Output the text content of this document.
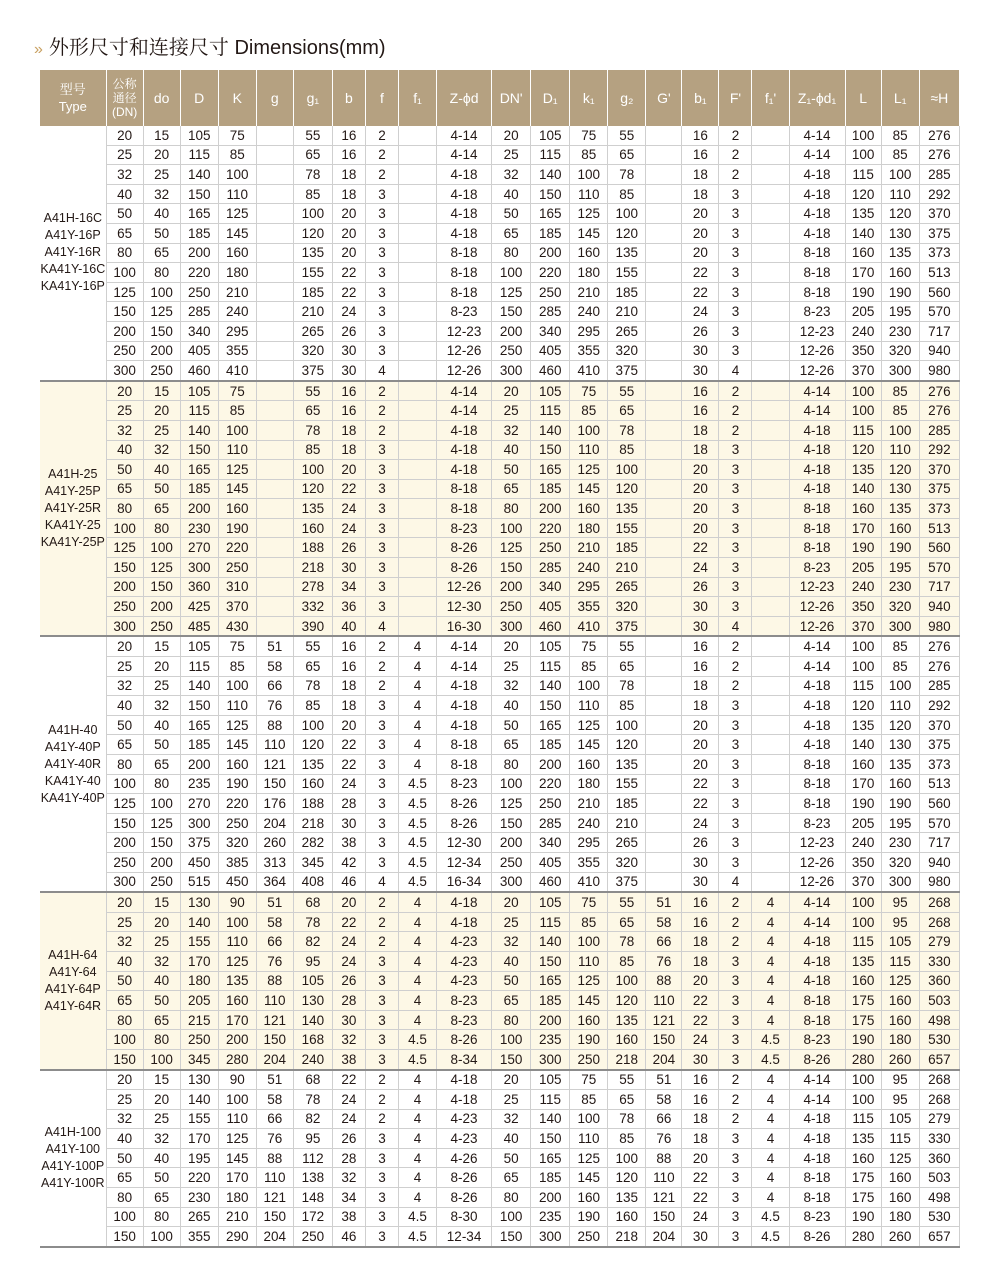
» 外形尺寸和连接尺寸 Dimensions(mm)
型号
Type	公称
通径
(DN)	do	D	K	g	g₁	b	f	f₁	Z-ϕd	DN'	D₁	k₁	g₂	G'	b₁	F'	f₁'	Z₁-ϕd₁	L	L₁	≈H

A41H-16C
A41Y-16P
A41Y-16R
KA41Y-16C
KA41Y-16P	20	15	105	75		55	16	2		4-14	20	105	75	55		16	2		4-14	100	85	276
	25	20	115	85		65	16	2		4-14	25	115	85	65		16	2		4-14	100	85	276
	32	25	140	100		78	18	2		4-18	32	140	100	78		18	2		4-18	115	100	285
	40	32	150	110		85	18	3		4-18	40	150	110	85		18	3		4-18	120	110	292
	50	40	165	125		100	20	3		4-18	50	165	125	100		20	3		4-18	135	120	370
	65	50	185	145		120	20	3		4-18	65	185	145	120		20	3		4-18	140	130	375
	80	65	200	160		135	20	3		8-18	80	200	160	135		20	3		8-18	160	135	373
	100	80	220	180		155	22	3		8-18	100	220	180	155		22	3		8-18	170	160	513
	125	100	250	210		185	22	3		8-18	125	250	210	185		22	3		8-18	190	190	560
	150	125	285	240		210	24	3		8-23	150	285	240	210		24	3		8-23	205	195	570
	200	150	340	295		265	26	3		12-23	200	340	295	265		26	3		12-23	240	230	717
	250	200	405	355		320	30	3		12-26	250	405	355	320		30	3		12-26	350	320	940
	300	250	460	410		375	30	4		12-26	300	460	410	375		30	4		12-26	370	300	980

A41H-25
A41Y-25P
A41Y-25R
KA41Y-25
KA41Y-25P	20	15	105	75		55	16	2		4-14	20	105	75	55		16	2		4-14	100	85	276
	25	20	115	85		65	16	2		4-14	25	115	85	65		16	2		4-14	100	85	276
	32	25	140	100		78	18	2		4-18	32	140	100	78		18	2		4-18	115	100	285
	40	32	150	110		85	18	3		4-18	40	150	110	85		18	3		4-18	120	110	292
	50	40	165	125		100	20	3		4-18	50	165	125	100		20	3		4-18	135	120	370
	65	50	185	145		120	22	3		8-18	65	185	145	120		20	3		4-18	140	130	375
	80	65	200	160		135	24	3		8-18	80	200	160	135		20	3		8-18	160	135	373
	100	80	230	190		160	24	3		8-23	100	220	180	155		20	3		8-18	170	160	513
	125	100	270	220		188	26	3		8-26	125	250	210	185		22	3		8-18	190	190	560
	150	125	300	250		218	30	3		8-26	150	285	240	210		24	3		8-23	205	195	570
	200	150	360	310		278	34	3		12-26	200	340	295	265		26	3		12-23	240	230	717
	250	200	425	370		332	36	3		12-30	250	405	355	320		30	3		12-26	350	320	940
	300	250	485	430		390	40	4		16-30	300	460	410	375		30	4		12-26	370	300	980

A41H-40
A41Y-40P
A41Y-40R
KA41Y-40
KA41Y-40P	20	15	105	75	51	55	16	2	4	4-14	20	105	75	55		16	2		4-14	100	85	276
	25	20	115	85	58	65	16	2	4	4-14	25	115	85	65		16	2		4-14	100	85	276
	32	25	140	100	66	78	18	2	4	4-18	32	140	100	78		18	2		4-18	115	100	285
	40	32	150	110	76	85	18	3	4	4-18	40	150	110	85		18	3		4-18	120	110	292
	50	40	165	125	88	100	20	3	4	4-18	50	165	125	100		20	3		4-18	135	120	370
	65	50	185	145	110	120	22	3	4	8-18	65	185	145	120		20	3		4-18	140	130	375
	80	65	200	160	121	135	22	3	4	8-18	80	200	160	135		20	3		8-18	160	135	373
	100	80	235	190	150	160	24	3	4.5	8-23	100	220	180	155		22	3		8-18	170	160	513
	125	100	270	220	176	188	28	3	4.5	8-26	125	250	210	185		22	3		8-18	190	190	560
	150	125	300	250	204	218	30	3	4.5	8-26	150	285	240	210		24	3		8-23	205	195	570
	200	150	375	320	260	282	38	3	4.5	12-30	200	340	295	265		26	3		12-23	240	230	717
	250	200	450	385	313	345	42	3	4.5	12-34	250	405	355	320		30	3		12-26	350	320	940
	300	250	515	450	364	408	46	4	4.5	16-34	300	460	410	375		30	4		12-26	370	300	980

A41H-64
A41Y-64
A41Y-64P
A41Y-64R	20	15	130	90	51	68	20	2	4	4-18	20	105	75	55	51	16	2	4	4-14	100	95	268
	25	20	140	100	58	78	22	2	4	4-18	25	115	85	65	58	16	2	4	4-14	100	95	268
	32	25	155	110	66	82	24	2	4	4-23	32	140	100	78	66	18	2	4	4-18	115	105	279
	40	32	170	125	76	95	24	3	4	4-23	40	150	110	85	76	18	3	4	4-18	135	115	330
	50	40	180	135	88	105	26	3	4	4-23	50	165	125	100	88	20	3	4	4-18	160	125	360
	65	50	205	160	110	130	28	3	4	8-23	65	185	145	120	110	22	3	4	8-18	175	160	503
	80	65	215	170	121	140	30	3	4	8-23	80	200	160	135	121	22	3	4	8-18	175	160	498
	100	80	250	200	150	168	32	3	4.5	8-26	100	235	190	160	150	24	3	4.5	8-23	190	180	530
	150	100	345	280	204	240	38	3	4.5	8-34	150	300	250	218	204	30	3	4.5	8-26	280	260	657

A41H-100
A41Y-100
A41Y-100P
A41Y-100R	20	15	130	90	51	68	22	2	4	4-18	20	105	75	55	51	16	2	4	4-14	100	95	268
	25	20	140	100	58	78	24	2	4	4-18	25	115	85	65	58	16	2	4	4-14	100	95	268
	32	25	155	110	66	82	24	2	4	4-23	32	140	100	78	66	18	2	4	4-18	115	105	279
	40	32	170	125	76	95	26	3	4	4-23	40	150	110	85	76	18	3	4	4-18	135	115	330
	50	40	195	145	88	112	28	3	4	4-26	50	165	125	100	88	20	3	4	4-18	160	125	360
	65	50	220	170	110	138	32	3	4	8-26	65	185	145	120	110	22	3	4	8-18	175	160	503
	80	65	230	180	121	148	34	3	4	8-26	80	200	160	135	121	22	3	4	8-18	175	160	498
	100	80	265	210	150	172	38	3	4.5	8-30	100	235	190	160	150	24	3	4.5	8-23	190	180	530
	150	100	355	290	204	250	46	3	4.5	12-34	150	300	250	218	204	30	3	4.5	8-26	280	260	657
